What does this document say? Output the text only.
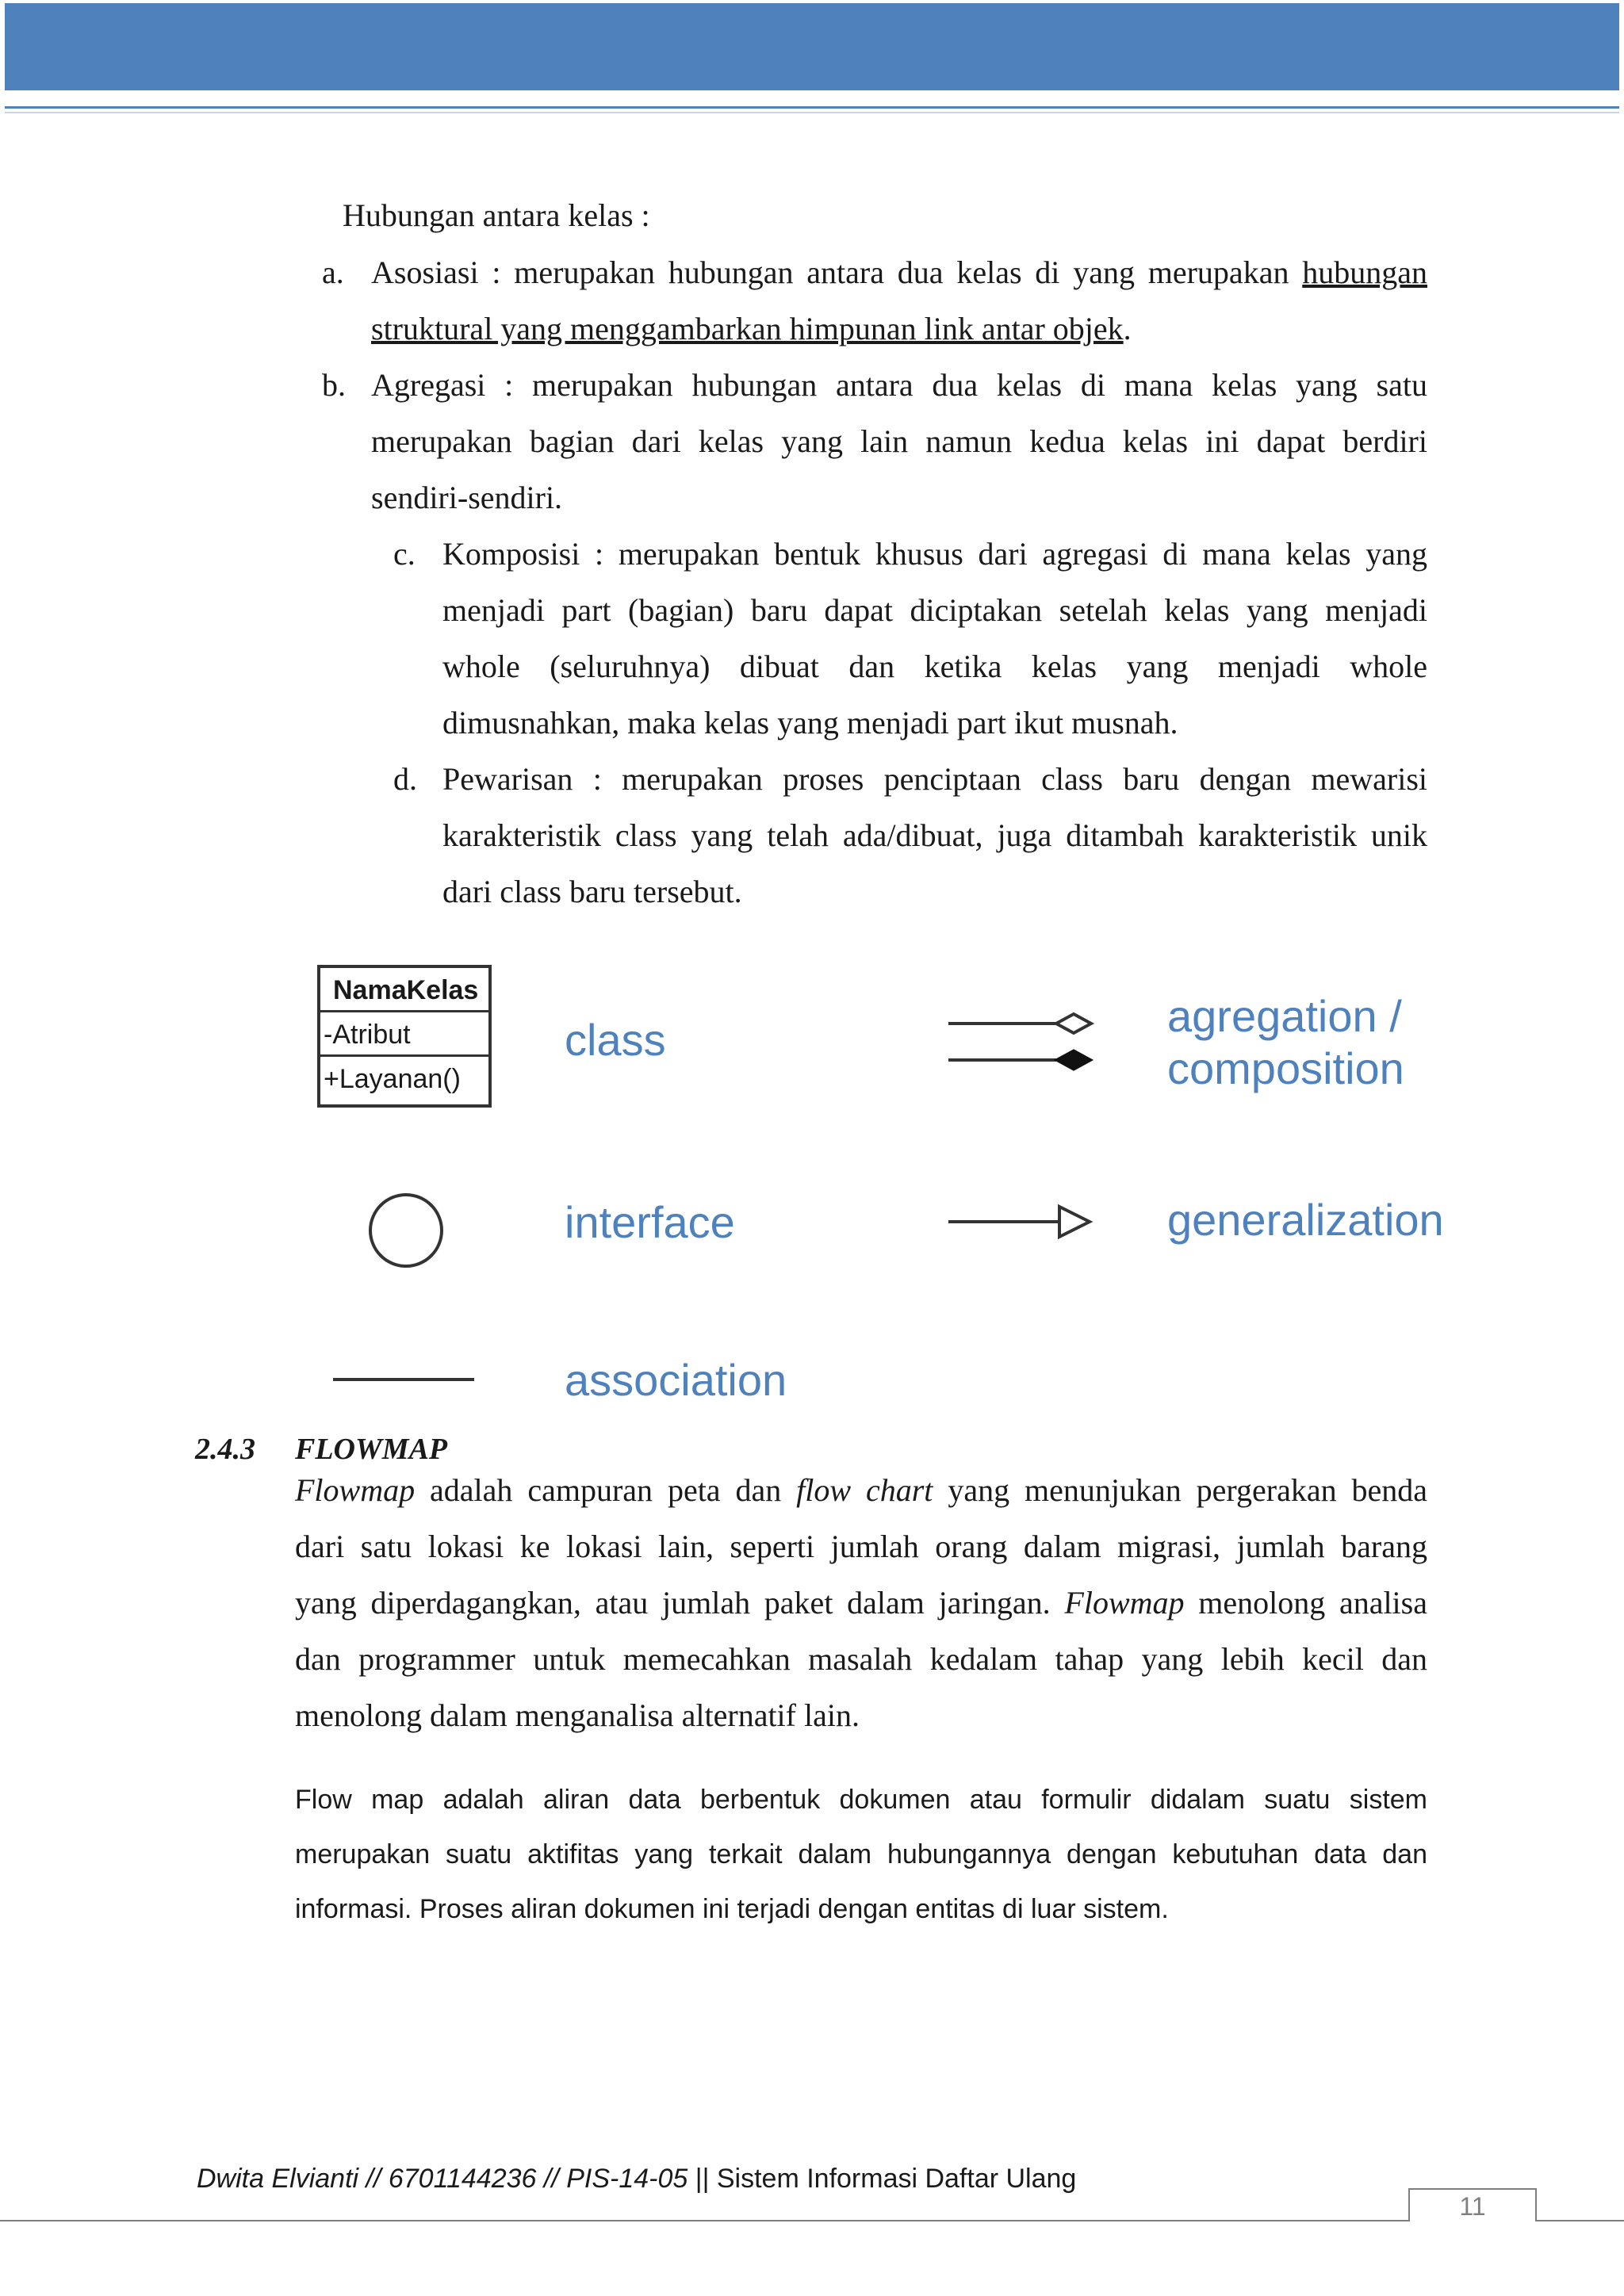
Hubungan antara kelas :
a. Asosiasi : merupakan hubungan antara dua kelas di yang merupakan hubungan
struktural yang menggambarkan himpunan link antar objek.
b. Agregasi : merupakan hubungan antara dua kelas di mana kelas yang satu
merupakan bagian dari kelas yang lain namun kedua kelas ini dapat berdiri
sendiri-sendiri.
c. Komposisi : merupakan bentuk khusus dari agregasi di mana kelas yang
menjadi part (bagian) baru dapat diciptakan setelah kelas yang menjadi
whole (seluruhnya) dibuat dan ketika kelas yang menjadi whole
dimusnahkan, maka kelas yang menjadi part ikut musnah.
d. Pewarisan : merupakan proses penciptaan class baru dengan mewarisi
karakteristik class yang telah ada/dibuat, juga ditambah karakteristik unik
dari class baru tersebut.
NamaKelas
-Atribut
+Layanan()
class	agregation /
composition
interface	generalization
association
2.4.3 FLOWMAP
Flowmap adalah campuran peta dan flow chart yang menunjukan pergerakan benda
dari satu lokasi ke lokasi lain, seperti jumlah orang dalam migrasi, jumlah barang
yang diperdagangkan, atau jumlah paket dalam jaringan. Flowmap menolong analisa
dan programmer untuk memecahkan masalah kedalam tahap yang lebih kecil dan
menolong dalam menganalisa alternatif lain.
Flow map adalah aliran data berbentuk dokumen atau formulir didalam suatu sistem
merupakan suatu aktifitas yang terkait dalam hubungannya dengan kebutuhan data dan
informasi. Proses aliran dokumen ini terjadi dengan entitas di luar sistem.
Dwita Elvianti // 6701144236 // PIS-14-05 || Sistem Informasi Daftar Ulang
11
